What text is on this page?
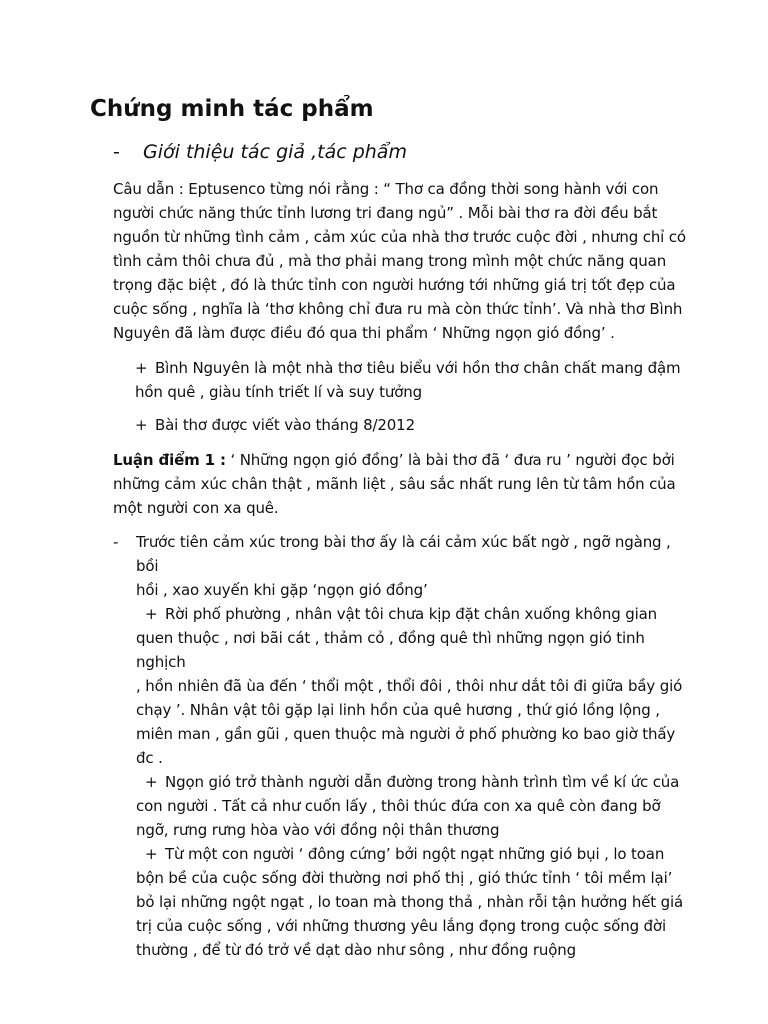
Chứng minh tác phẩm
- Giới thiệu tác giả ,tác phẩm
Câu dẫn : Eptusenco từng nói rằng : “ Thơ ca đồng thời song hành với con
người chức năng thức tỉnh lương tri đang ngủ” . Mỗi bài thơ ra đời đều bắt
nguồn từ những tình cảm , cảm xúc của nhà thơ trước cuộc đời , nhưng chỉ có
tình cảm thôi chưa đủ , mà thơ phải mang trong mình một chức năng quan
trọng đặc biệt , đó là thức tỉnh con người hướng tới những giá trị tốt đẹp của
cuộc sống , nghĩa là ‘thơ không chỉ đưa ru mà còn thức tỉnh’. Và nhà thơ Bình
Nguyên đã làm được điều đó qua thi phẩm ‘ Những ngọn gió đồng’ .
+ Bình Nguyên là một nhà thơ tiêu biểu với hồn thơ chân chất mang đậm
hồn quê , giàu tính triết lí và suy tưởng
+ Bài thơ được viết vào tháng 8/2012
Luận điểm 1 : ‘ Những ngọn gió đồng’ là bài thơ đã ‘ đưa ru ’ người đọc bởi
những cảm xúc chân thật , mãnh liệt , sâu sắc nhất rung lên từ tâm hồn của
một người con xa quê.
- Trước tiên cảm xúc trong bài thơ ấy là cái cảm xúc bất ngờ , ngỡ ngàng , bồi
hồi , xao xuyến khi gặp ‘ngọn gió đồng’
+ Rời phố phường , nhân vật tôi chưa kịp đặt chân xuống không gian
quen thuộc , nơi bãi cát , thảm cỏ , đồng quê thì những ngọn gió tinh nghịch
, hồn nhiên đã ùa đến ‘ thổi một , thổi đôi , thôi như dắt tôi đi giữa bầy gió
chạy ’. Nhân vật tôi gặp lại linh hồn của quê hương , thứ gió lồng lộng ,
miên man , gần gũi , quen thuộc mà người ở phố phường ko bao giờ thấy
đc .
+ Ngọn gió trở thành người dẫn đường trong hành trình tìm về kí ức của
con người . Tất cả như cuốn lấy , thôi thúc đứa con xa quê còn đang bỡ
ngỡ, rưng rưng hòa vào với đồng nội thân thương
+ Từ một con người ‘ đông cứng’ bởi ngột ngạt những gió bụi , lo toan
bộn bề của cuộc sống đời thường nơi phố thị , gió thức tỉnh ‘ tôi mềm lại’
bỏ lại những ngột ngạt , lo toan mà thong thả , nhàn rỗi tận hưởng hết giá
trị của cuộc sống , với những thương yêu lắng đọng trong cuộc sống đời
thường , để từ đó trở về dạt dào như sông , như đồng ruộng
